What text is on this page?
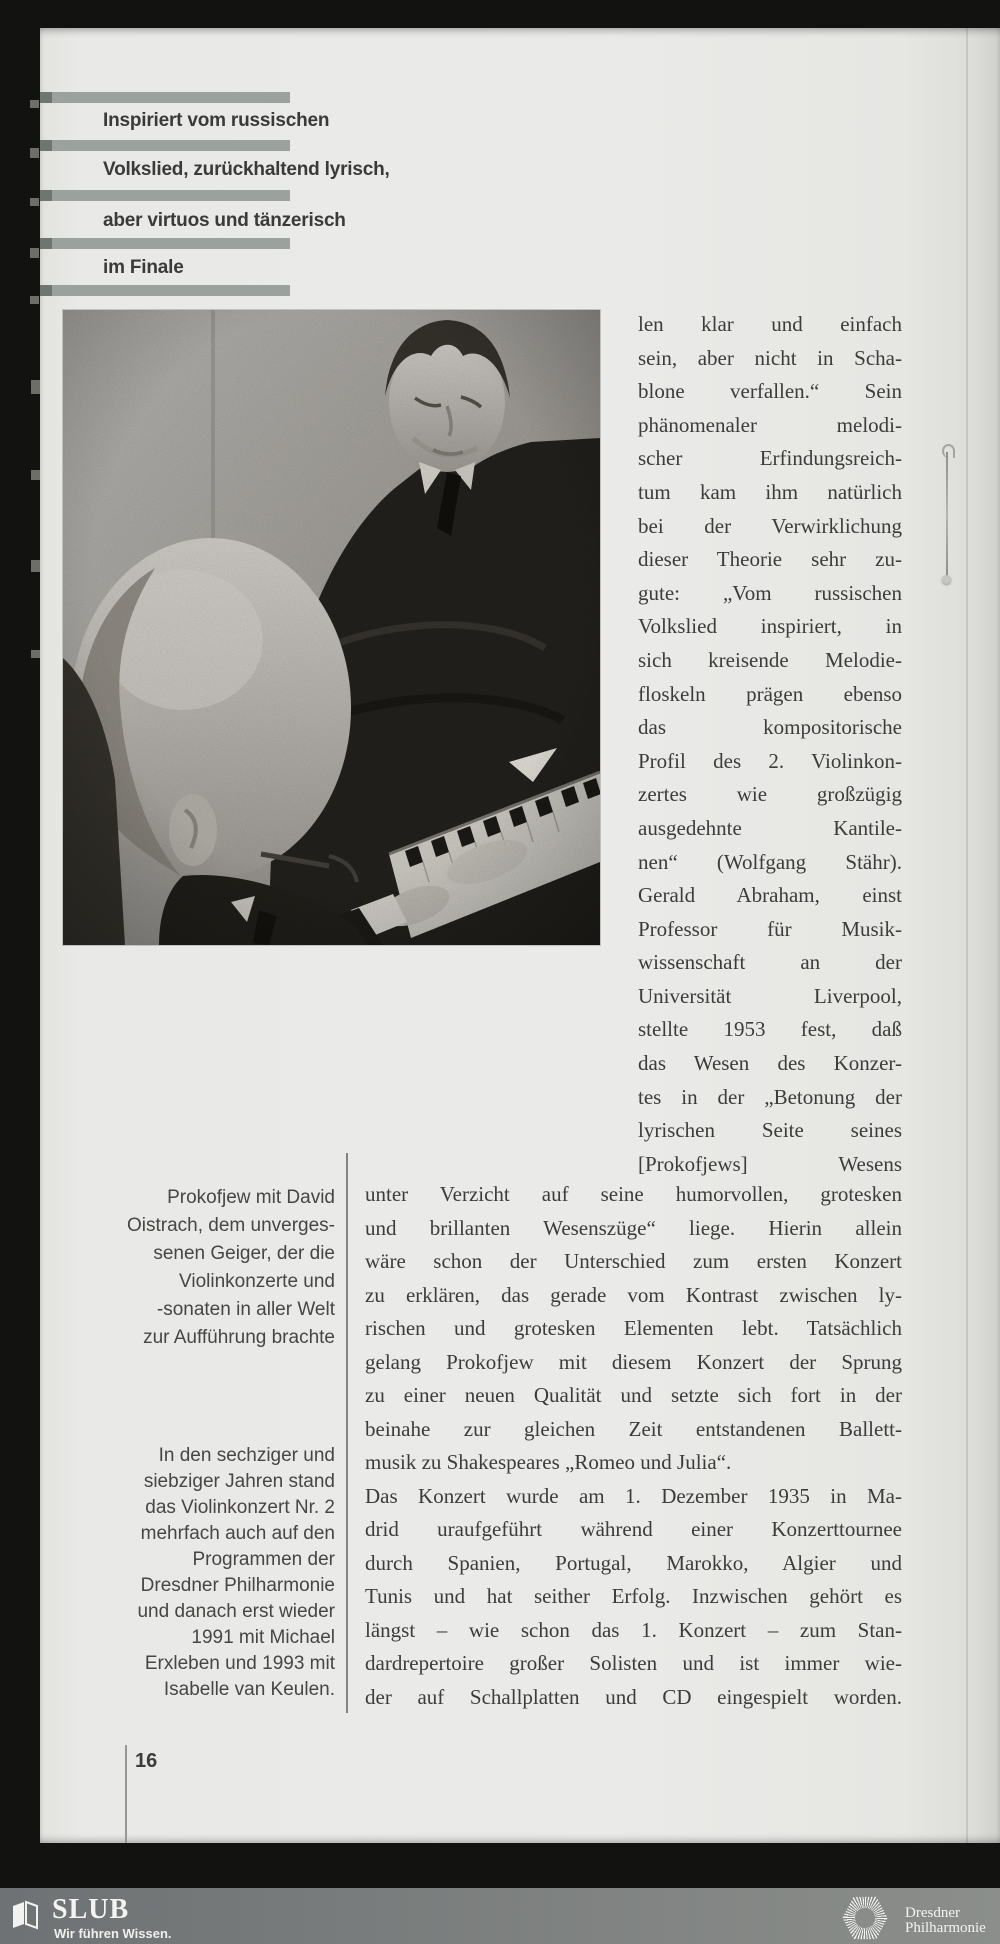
Inspiriert vom russischen
Volkslied, zurückhaltend lyrisch,
aber virtuos und tänzerisch
im Finale
len klar und einfach
sein, aber nicht in Scha-
blone verfallen.“ Sein
phänomenaler melodi-
scher Erfindungsreich-
tum kam ihm natürlich
bei der Verwirklichung
dieser Theorie sehr zu-
gute: „Vom russischen
Volkslied inspiriert, in
sich kreisende Melodie-
floskeln prägen ebenso
das kompositorische
Profil des 2. Violinkon-
zertes wie großzügig
ausgedehnte Kantile-
nen“ (Wolfgang Stähr).
Gerald Abraham, einst
Professor für Musik-
wissenschaft an der
Universität Liverpool,
stellte 1953 fest, daß
das Wesen des Konzer-
tes in der „Betonung der
lyrischen Seite seines
[Prokofjews] Wesens
unter Verzicht auf seine humorvollen, grotesken
und brillanten Wesenszüge“ liege. Hierin allein
wäre schon der Unterschied zum ersten Konzert
zu erklären, das gerade vom Kontrast zwischen ly-
rischen und grotesken Elementen lebt. Tatsächlich
gelang Prokofjew mit diesem Konzert der Sprung
zu einer neuen Qualität und setzte sich fort in der
beinahe zur gleichen Zeit entstandenen Ballett-
musik zu Shakespeares „Romeo und Julia“.
Das Konzert wurde am 1. Dezember 1935 in Ma-
drid uraufgeführt während einer Konzerttournee
durch Spanien, Portugal, Marokko, Algier und
Tunis und hat seither Erfolg. Inzwischen gehört es
längst – wie schon das 1. Konzert – zum Stan-
dardrepertoire großer Solisten und ist immer wie-
der auf Schallplatten und CD eingespielt worden.
Prokofjew mit David
Oistrach, dem unverges-
senen Geiger, der die
Violinkonzerte und
-sonaten in aller Welt
zur Aufführung brachte
In den sechziger und
siebziger Jahren stand
das Violinkonzert Nr. 2
mehrfach auch auf den
Programmen der
Dresdner Philharmonie
und danach erst wieder
1991 mit Michael
Erxleben und 1993 mit
Isabelle van Keulen.
16
SLUB
Wir führen Wissen.
Dresdner
Philharmonie
